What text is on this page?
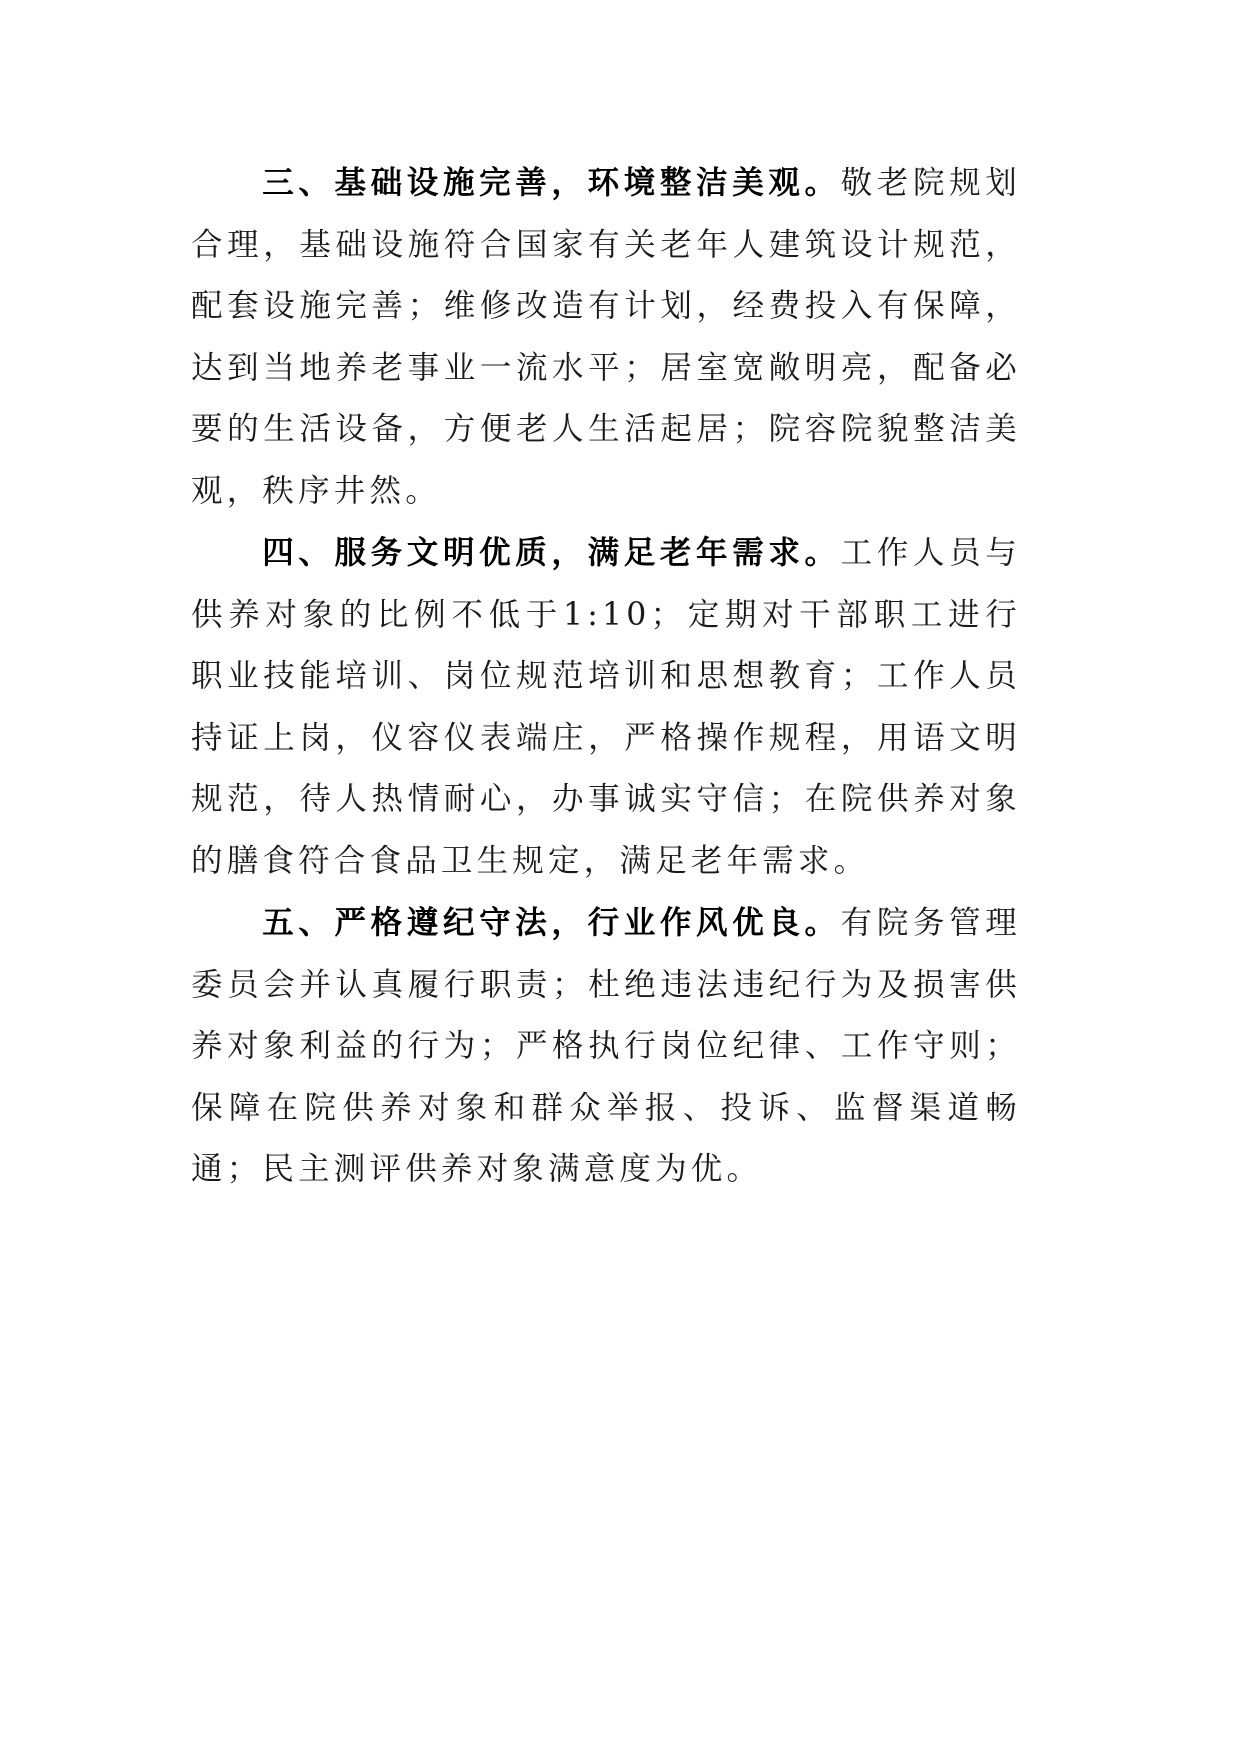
三、基础设施完善，环境整洁美观。敬老院规划合理，基础设施符合国家有关老年人建筑设计规范，配套设施完善；维修改造有计划，经费投入有保障，达到当地养老事业一流水平；居室宽敞明亮，配备必要的生活设备，方便老人生活起居；院容院貌整洁美观，秩序井然。

四、服务文明优质，满足老年需求。工作人员与供养对象的比例不低于1:10；定期对干部职工进行职业技能培训、岗位规范培训和思想教育；工作人员持证上岗，仪容仪表端庄，严格操作规程，用语文明规范，待人热情耐心，办事诚实守信；在院供养对象的膳食符合食品卫生规定，满足老年需求。

五、严格遵纪守法，行业作风优良。有院务管理委员会并认真履行职责；杜绝违法违纪行为及损害供养对象利益的行为；严格执行岗位纪律、工作守则；保障在院供养对象和群众举报、投诉、监督渠道畅通；民主测评供养对象满意度为优。
